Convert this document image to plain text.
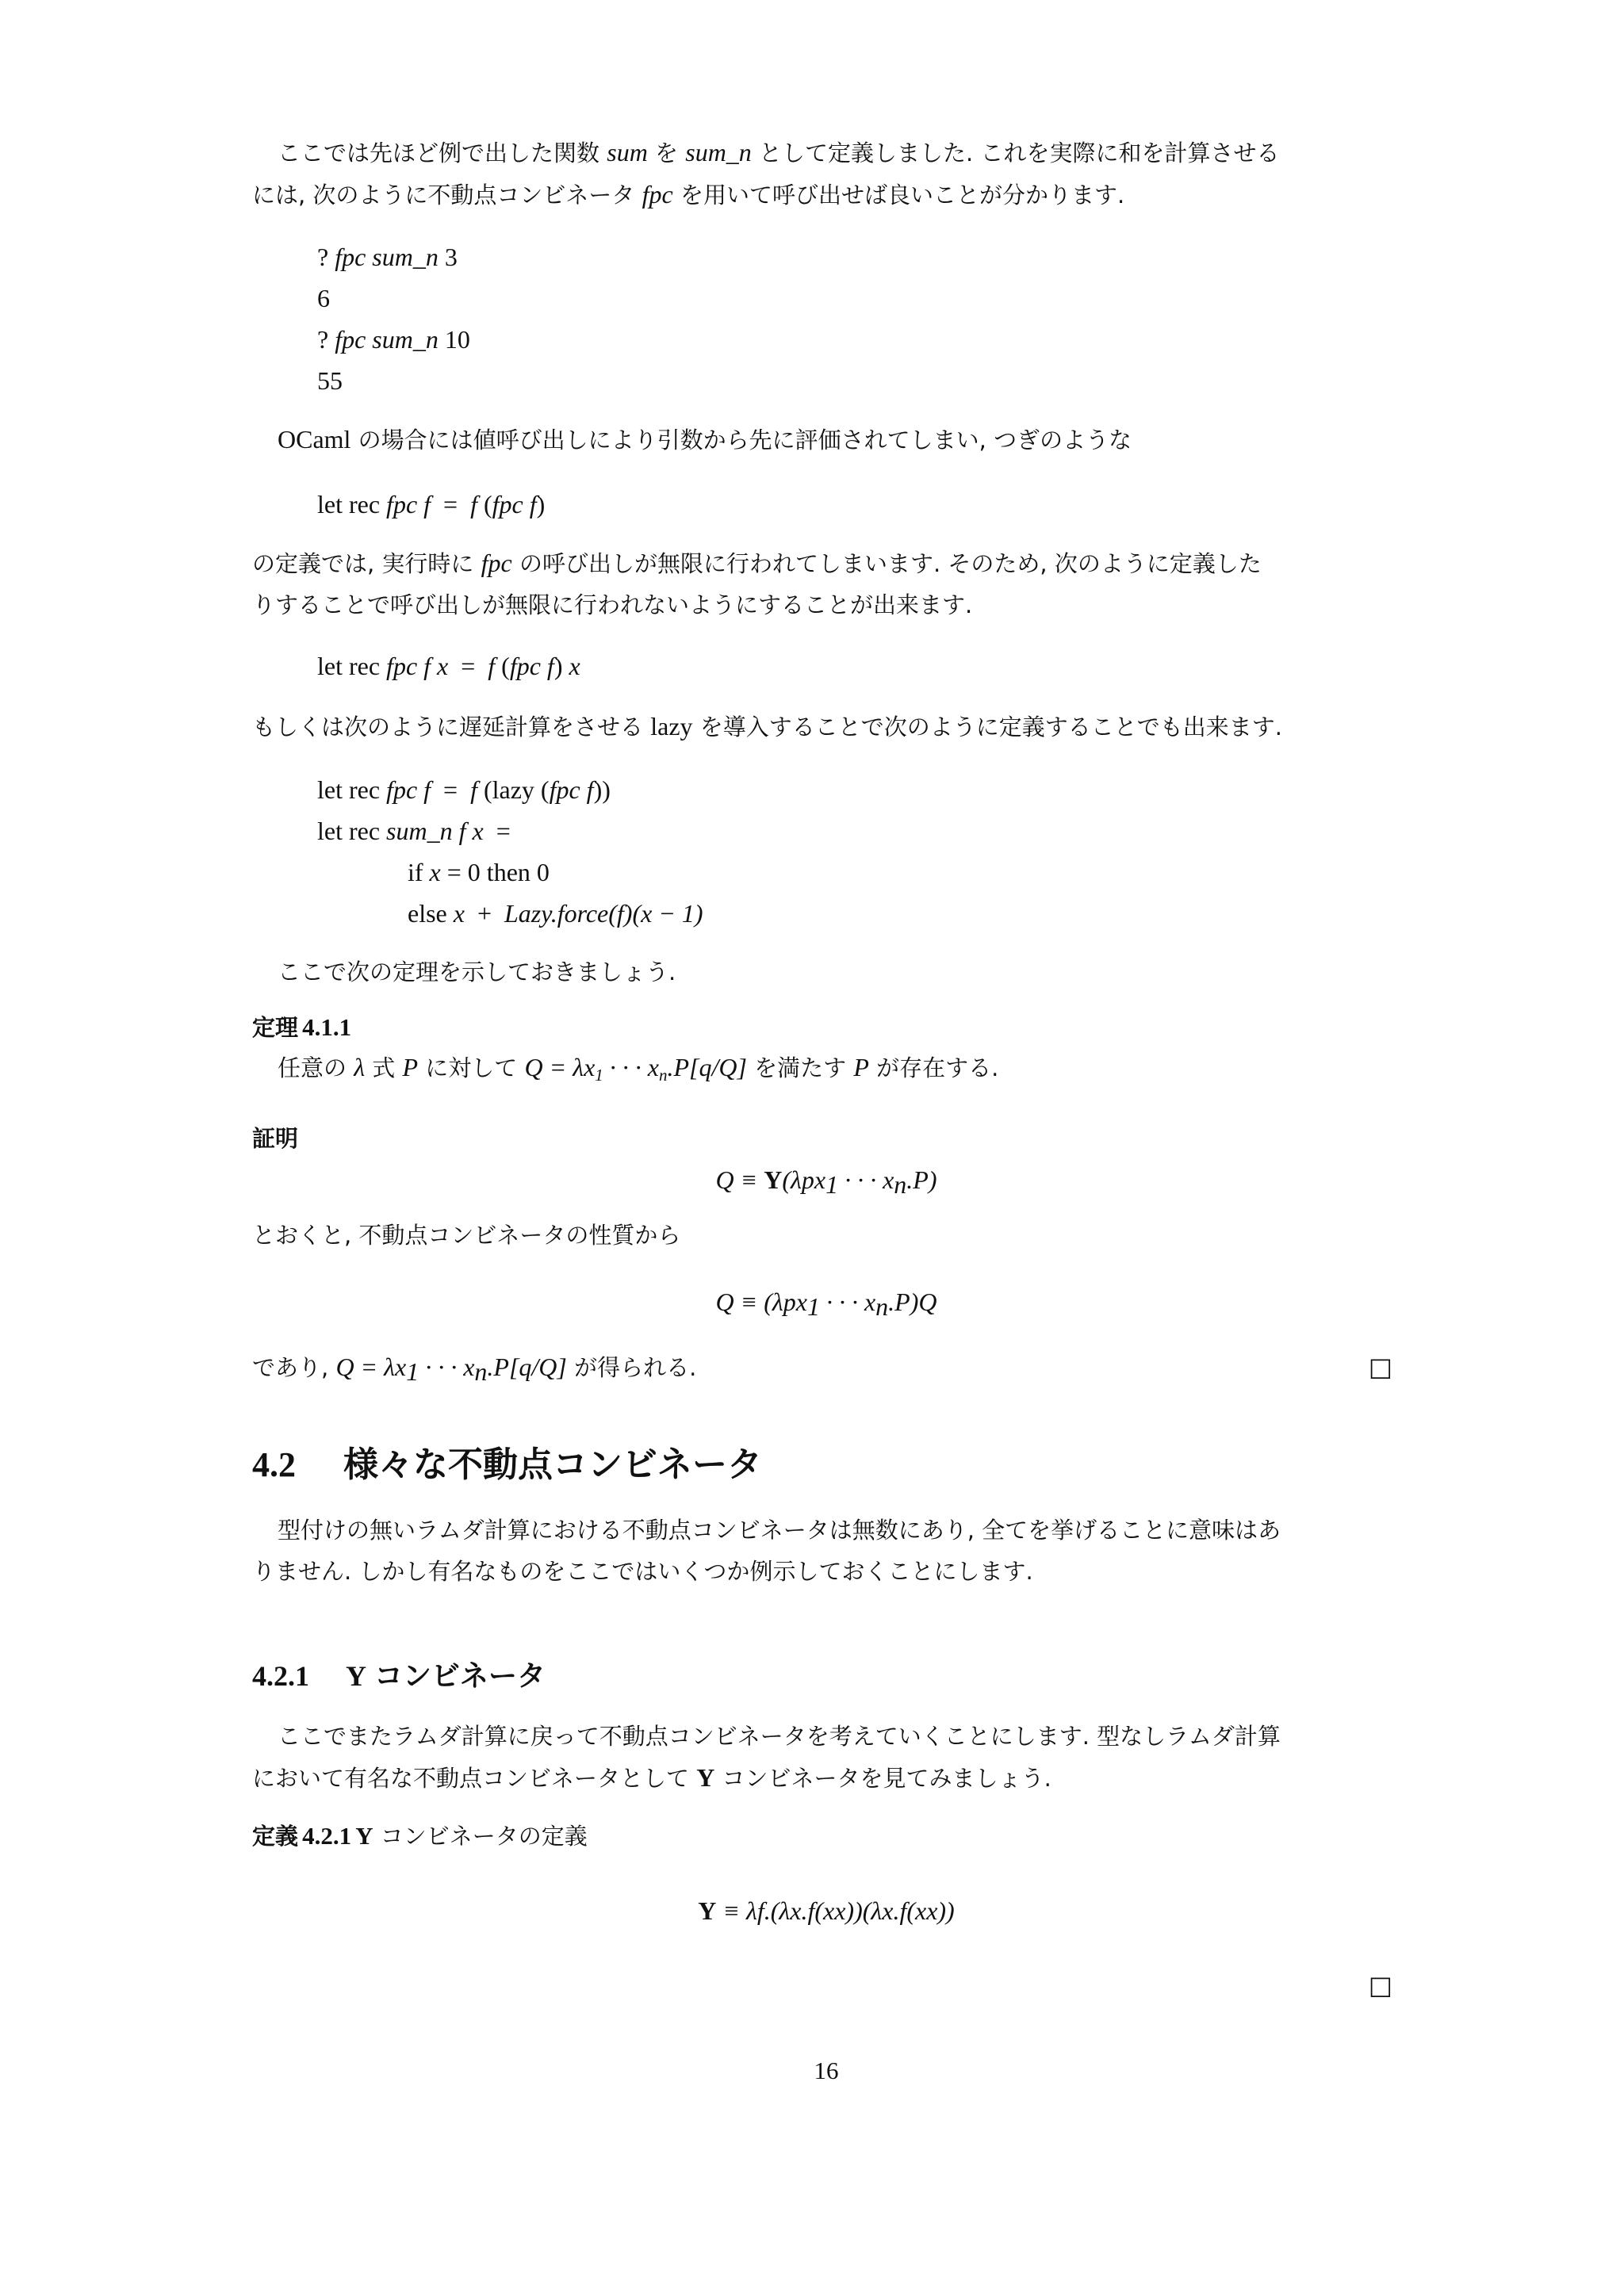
ここでは先ほど例で出した関数 sum を sum_n として定義しました. これを実際に和を計算させる
には, 次のように不動点コンビネータ fpc を用いて呼び出せば良いことが分かります.
? fpc sum_n 3
6
? fpc sum_n 10
55
OCaml の場合には値呼び出しにより引数から先に評価されてしまい, つぎのような
let rec fpc f = f (fpc f)
の定義では, 実行時に fpc の呼び出しが無限に行われてしまいます. そのため, 次のように定義した
りすることで呼び出しが無限に行われないようにすることが出来ます.
let rec fpc f x = f (fpc f) x
もしくは次のように遅延計算をさせる lazy を導入することで次のように定義することでも出来ます.
let rec fpc f = f (lazy (fpc f))
let rec sum_n f x =
if x = 0 then 0
else x + Lazy.force(f)(x − 1)
ここで次の定理を示しておきましょう.
定理 4.1.1
任意の λ 式 P に対して $Q = \lambda x_1$ · · · $x_n.P[q/Q]$ を満たす P が存在する.
証明
Q ≡ Y(λpx$_1$ · · · $x_n.P$)
とおくと, 不動点コンビネータの性質から
Q ≡ (λpx$_1$ · · · $x_n.P)Q$
であり, $Q = \lambda x_1$ · · · $x_n.P[q/Q]$ が得られる.	□
4.2 様々な不動点コンビネータ
型付けの無いラムダ計算における不動点コンビネータは無数にあり, 全てを挙げることに意味はあ
りません. しかし有名なものをここではいくつか例示しておくことにします.
4.2.1 Y コンビネータ
ここでまたラムダ計算に戻って不動点コンビネータを考えていくことにします. 型なしラムダ計算
において有名な不動点コンビネータとして Y コンビネータを見てみましょう.
定義 4.2.1 Y コンビネータの定義
Y ≡ λf.(λx.f(xx))(λx.f(xx))
□
16
